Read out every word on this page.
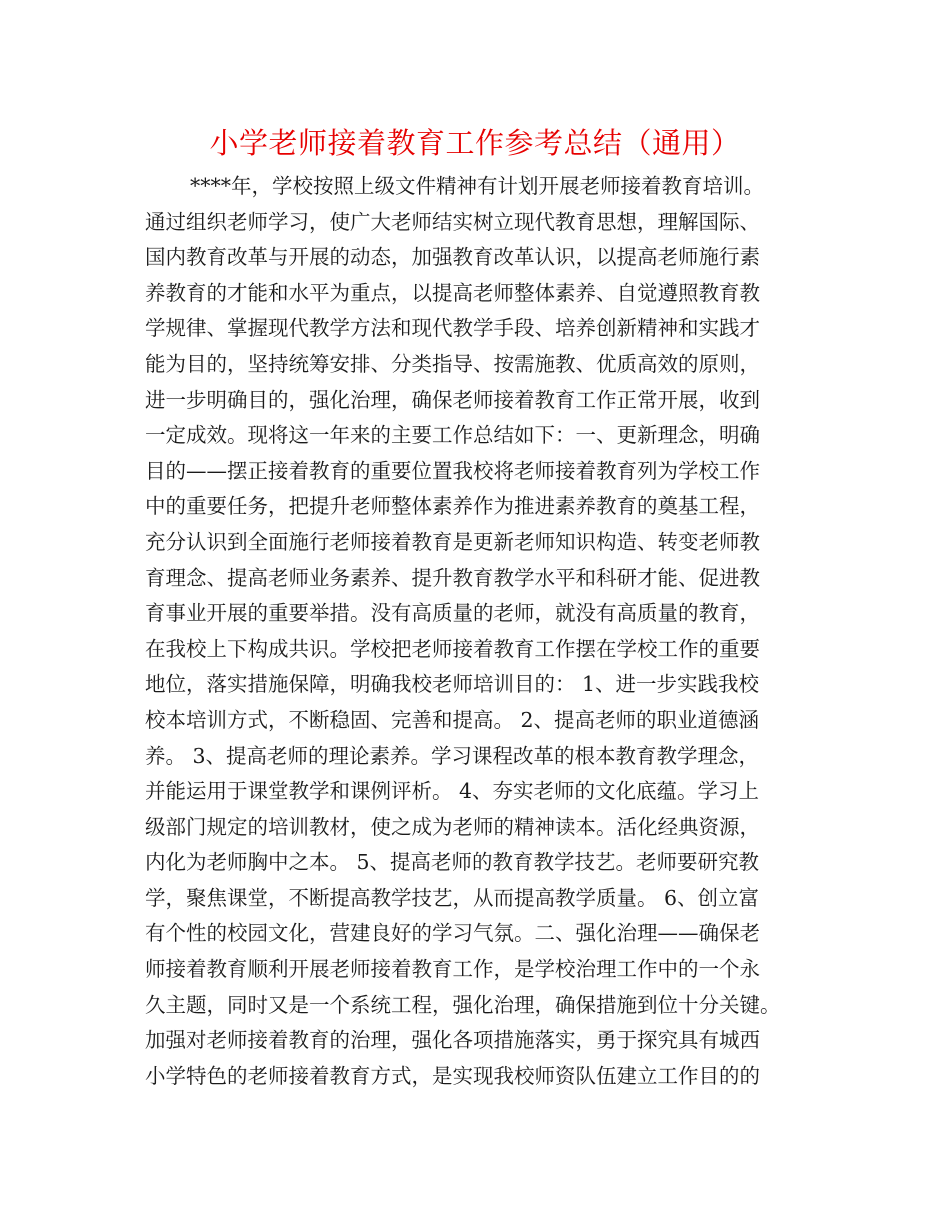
小学老师接着教育工作参考总结（通用）
****年，学校按照上级文件精神有计划开展老师接着教育培训。
通过组织老师学习，使广大老师结实树立现代教育思想，理解国际、
国内教育改革与开展的动态，加强教育改革认识，以提高老师施行素
养教育的才能和水平为重点，以提高老师整体素养、自觉遵照教育教
学规律、掌握现代教学方法和现代教学手段、培养创新精神和实践才
能为目的，坚持统筹安排、分类指导、按需施教、优质高效的原则，
进一步明确目的，强化治理，确保老师接着教育工作正常开展，收到
一定成效。现将这一年来的主要工作总结如下：一、更新理念，明确
目的——摆正接着教育的重要位置我校将老师接着教育列为学校工作
中的重要任务，把提升老师整体素养作为推进素养教育的奠基工程，
充分认识到全面施行老师接着教育是更新老师知识构造、转变老师教
育理念、提高老师业务素养、提升教育教学水平和科研才能、促进教
育事业开展的重要举措。没有高质量的老师，就没有高质量的教育，
在我校上下构成共识。学校把老师接着教育工作摆在学校工作的重要
地位，落实措施保障，明确我校老师培训目的： 1、进一步实践我校
校本培训方式，不断稳固、完善和提高。 2、提高老师的职业道德涵
养。 3、提高老师的理论素养。学习课程改革的根本教育教学理念，
并能运用于课堂教学和课例评析。 4、夯实老师的文化底蕴。学习上
级部门规定的培训教材，使之成为老师的精神读本。活化经典资源，
内化为老师胸中之本。 5、提高老师的教育教学技艺。老师要研究教
学，聚焦课堂，不断提高教学技艺，从而提高教学质量。 6、创立富
有个性的校园文化，营建良好的学习气氛。二、强化治理——确保老
师接着教育顺利开展老师接着教育工作，是学校治理工作中的一个永
久主题，同时又是一个系统工程，强化治理，确保措施到位十分关键。
加强对老师接着教育的治理，强化各项措施落实，勇于探究具有城西
小学特色的老师接着教育方式，是实现我校师资队伍建立工作目的的
